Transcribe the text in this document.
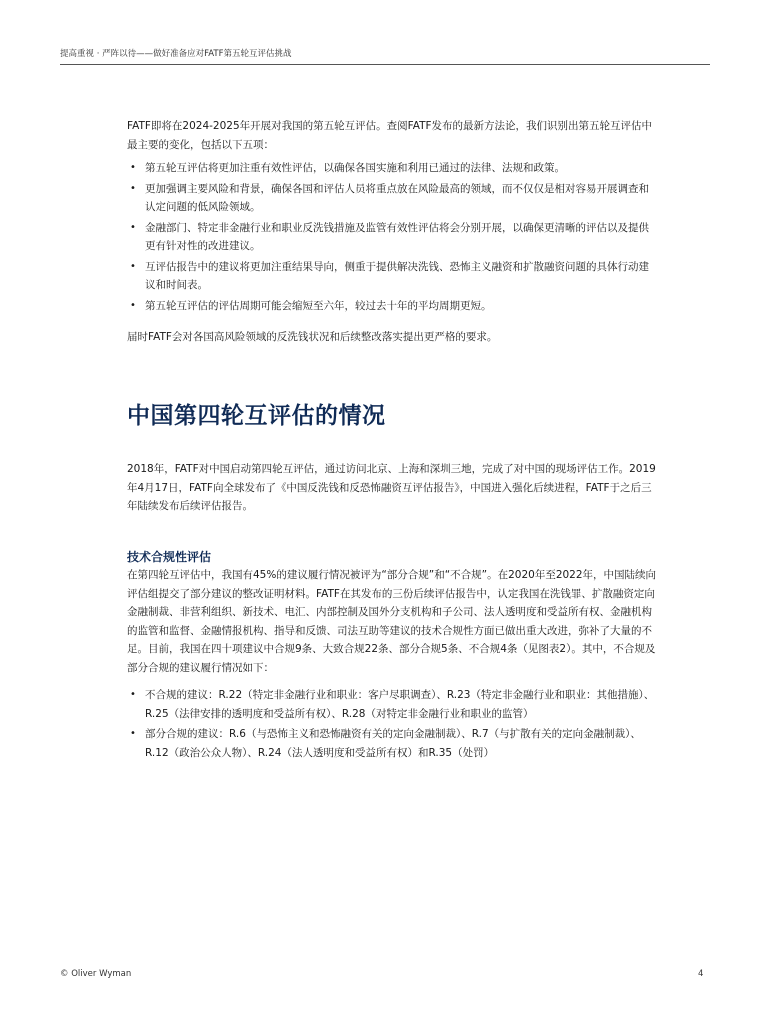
提高重视 · 严阵以待——做好准备应对FATF第五轮互评估挑战

FATF即将在2024-2025年开展对我国的第五轮互评估。查阅FATF发布的最新方法论，我们识别出第五轮互评估中最主要的变化，包括以下五项：

• 第五轮互评估将更加注重有效性评估，以确保各国实施和利用已通过的法律、法规和政策。
• 更加强调主要风险和背景，确保各国和评估人员将重点放在风险最高的领域，而不仅仅是相对容易开展调查和认定问题的低风险领域。
• 金融部门、特定非金融行业和职业反洗钱措施及监管有效性评估将会分别开展，以确保更清晰的评估以及提供更有针对性的改进建议。
• 互评估报告中的建议将更加注重结果导向，侧重于提供解决洗钱、恐怖主义融资和扩散融资问题的具体行动建议和时间表。
• 第五轮互评估的评估周期可能会缩短至六年，较过去十年的平均周期更短。

届时FATF会对各国高风险领域的反洗钱状况和后续整改落实提出更严格的要求。

中国第四轮互评估的情况

2018年，FATF对中国启动第四轮互评估，通过访问北京、上海和深圳三地，完成了对中国的现场评估工作。2019年4月17日，FATF向全球发布了《中国反洗钱和反恐怖融资互评估报告》，中国进入强化后续进程，FATF于之后三年陆续发布后续评估报告。

技术合规性评估

在第四轮互评估中，我国有45%的建议履行情况被评为“部分合规”和“不合规”。在2020年至2022年，中国陆续向评估组提交了部分建议的整改证明材料。FATF在其发布的三份后续评估报告中，认定我国在洗钱罪、扩散融资定向金融制裁、非营利组织、新技术、电汇、内部控制及国外分支机构和子公司、法人透明度和受益所有权、金融机构的监管和监督、金融情报机构、指导和反馈、司法互助等建议的技术合规性方面已做出重大改进，弥补了大量的不足。目前，我国在四十项建议中合规9条、大致合规22条、部分合规5条、不合规4条（见图表2）。其中，不合规及部分合规的建议履行情况如下：

• 不合规的建议：R.22（特定非金融行业和职业：客户尽职调查）、R.23（特定非金融行业和职业：其他措施）、R.25（法律安排的透明度和受益所有权）、R.28（对特定非金融行业和职业的监管）
• 部分合规的建议：R.6（与恐怖主义和恐怖融资有关的定向金融制裁）、R.7（与扩散有关的定向金融制裁）、R.12（政治公众人物）、R.24（法人透明度和受益所有权）和R.35（处罚）
© Oliver Wyman	4
